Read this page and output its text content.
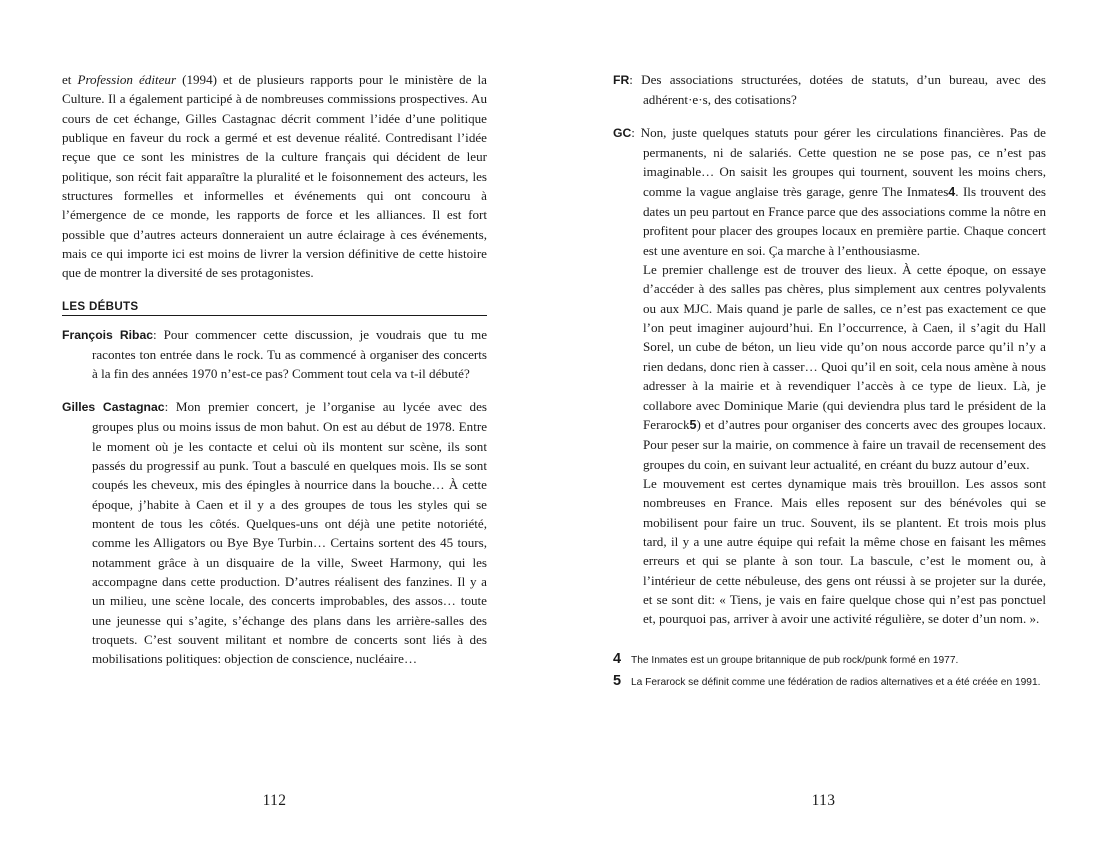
et Profession éditeur (1994) et de plusieurs rapports pour le ministère de la Culture. Il a également participé à de nombreuses commissions prospectives. Au cours de cet échange, Gilles Castagnac décrit comment l’idée d’une politique publique en faveur du rock a germé et est devenue réalité. Contredisant l’idée reçue que ce sont les ministres de la culture français qui décident de leur politique, son récit fait apparaître la pluralité et le foisonnement des acteurs, les structures formelles et informelles et événements qui ont concouru à l’émergence de ce monde, les rapports de force et les alliances. Il est fort possible que d’autres acteurs donneraient un autre éclairage à ces événements, mais ce qui importe ici est moins de livrer la version définitive de cette histoire que de montrer la diversité de ses protagonistes.

LES DÉBUTS

François Ribac: Pour commencer cette discussion, je voudrais que tu me racontes ton entrée dans le rock. Tu as commencé à organiser des concerts à la fin des années 1970 n’est-ce pas? Comment tout cela va t-il débuté?

Gilles Castagnac: Mon premier concert, je l’organise au lycée avec des groupes plus ou moins issus de mon bahut. On est au début de 1978. Entre le moment où je les contacte et celui où ils montent sur scène, ils sont passés du progressif au punk. Tout a basculé en quelques mois. Ils se sont coupés les cheveux, mis des épingles à nourrice dans la bouche… À cette époque, j’habite à Caen et il y a des groupes de tous les styles qui se montent de tous les côtés. Quelques-uns ont déjà une petite notoriété, comme les Alligators ou Bye Bye Turbin… Certains sortent des 45 tours, notamment grâce à un disquaire de la ville, Sweet Harmony, qui les accompagne dans cette production. D’autres réalisent des fanzines. Il y a un milieu, une scène locale, des concerts improbables, des assos… toute une jeunesse qui s’agite, s’échange des plans dans les arrière-salles des troquets. C’est souvent militant et nombre de concerts sont liés à des mobilisations politiques: objection de conscience, nucléaire…

112

FR: Des associations structurées, dotées de statuts, d’un bureau, avec des adhérent·e·s, des cotisations?

GC: Non, juste quelques statuts pour gérer les circulations financières. Pas de permanents, ni de salariés. Cette question ne se pose pas, ce n’est pas imaginable… On saisit les groupes qui tournent, souvent les moins chers, comme la vague anglaise très garage, genre The Inmates4. Ils trouvent des dates un peu partout en France parce que des associations comme la nôtre en profitent pour placer des groupes locaux en première partie. Chaque concert est une aventure en soi. Ça marche à l’enthousiasme.

Le premier challenge est de trouver des lieux. À cette époque, on essaye d’accéder à des salles pas chères, plus simplement aux centres polyvalents ou aux MJC. Mais quand je parle de salles, ce n’est pas exactement ce que l’on peut imaginer aujourd’hui. En l’occurrence, à Caen, il s’agit du Hall Sorel, un cube de béton, un lieu vide qu’on nous accorde parce qu’il n’y a rien dedans, donc rien à casser… Quoi qu’il en soit, cela nous amène à nous adresser à la mairie et à revendiquer l’accès à ce type de lieux. Là, je collabore avec Dominique Marie (qui deviendra plus tard le président de la Ferarock5) et d’autres pour organiser des concerts avec des groupes locaux. Pour peser sur la mairie, on commence à faire un travail de recensement des groupes du coin, en suivant leur actualité, en créant du buzz autour d’eux.

Le mouvement est certes dynamique mais très brouillon. Les assos sont nombreuses en France. Mais elles reposent sur des bénévoles qui se mobilisent pour faire un truc. Souvent, ils se plantent. Et trois mois plus tard, il y a une autre équipe qui refait la même chose en faisant les mêmes erreurs et qui se plante à son tour. La bascule, c’est le moment ou, à l’intérieur de cette nébuleuse, des gens ont réussi à se projeter sur la durée, et se sont dit: « Tiens, je vais en faire quelque chose qui n’est pas ponctuel et, pourquoi pas, arriver à avoir une activité régulière, se doter d’un nom. ».

4 The Inmates est un groupe britannique de pub rock/punk formé en 1977.
5 La Ferarock se définit comme une fédération de radios alternatives et a été créée en 1991.
113
